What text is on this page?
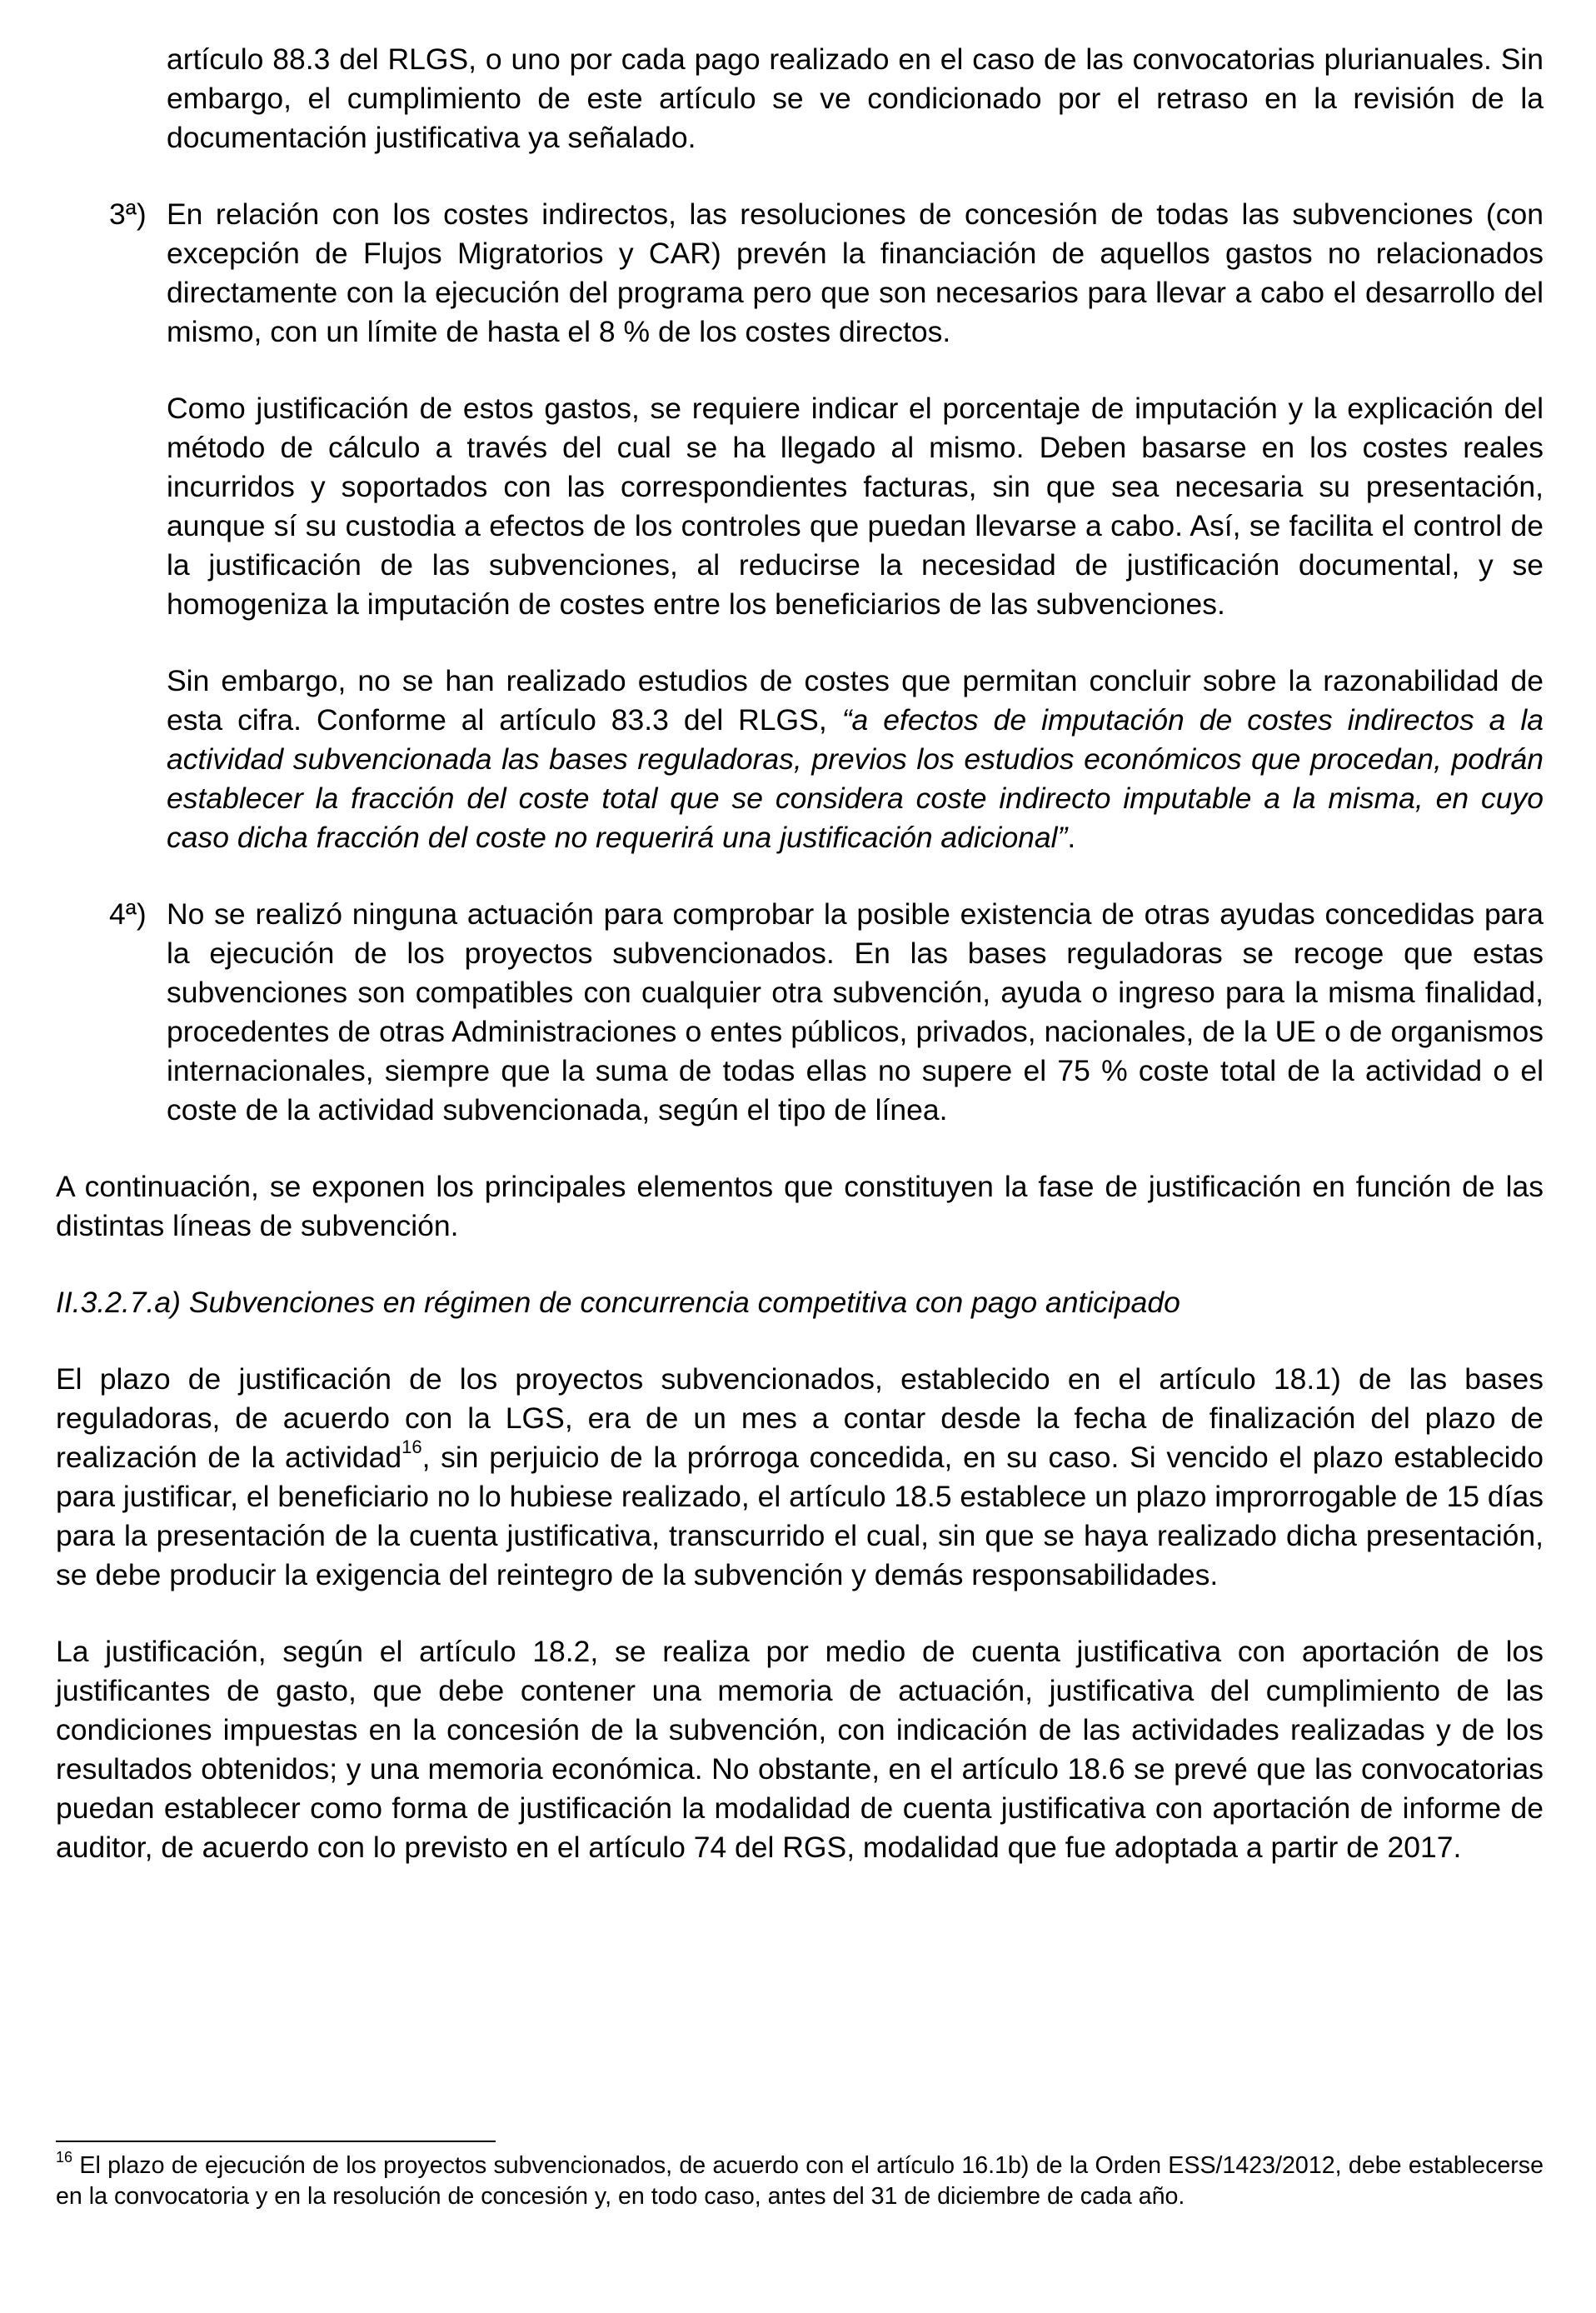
artículo 88.3 del RLGS, o uno por cada pago realizado en el caso de las convocatorias plurianuales. Sin embargo, el cumplimiento de este artículo se ve condicionado por el retraso en la revisión de la documentación justificativa ya señalado.

3ª) En relación con los costes indirectos, las resoluciones de concesión de todas las subvenciones (con excepción de Flujos Migratorios y CAR) prevén la financiación de aquellos gastos no relacionados directamente con la ejecución del programa pero que son necesarios para llevar a cabo el desarrollo del mismo, con un límite de hasta el 8 % de los costes directos.

Como justificación de estos gastos, se requiere indicar el porcentaje de imputación y la explicación del método de cálculo a través del cual se ha llegado al mismo. Deben basarse en los costes reales incurridos y soportados con las correspondientes facturas, sin que sea necesaria su presentación, aunque sí su custodia a efectos de los controles que puedan llevarse a cabo. Así, se facilita el control de la justificación de las subvenciones, al reducirse la necesidad de justificación documental, y se homogeniza la imputación de costes entre los beneficiarios de las subvenciones.

Sin embargo, no se han realizado estudios de costes que permitan concluir sobre la razonabilidad de esta cifra. Conforme al artículo 83.3 del RLGS, “a efectos de imputación de costes indirectos a la actividad subvencionada las bases reguladoras, previos los estudios económicos que procedan, podrán establecer la fracción del coste total que se considera coste indirecto imputable a la misma, en cuyo caso dicha fracción del coste no requerirá una justificación adicional”.

4ª) No se realizó ninguna actuación para comprobar la posible existencia de otras ayudas concedidas para la ejecución de los proyectos subvencionados. En las bases reguladoras se recoge que estas subvenciones son compatibles con cualquier otra subvención, ayuda o ingreso para la misma finalidad, procedentes de otras Administraciones o entes públicos, privados, nacionales, de la UE o de organismos internacionales, siempre que la suma de todas ellas no supere el 75 % coste total de la actividad o el coste de la actividad subvencionada, según el tipo de línea.

A continuación, se exponen los principales elementos que constituyen la fase de justificación en función de las distintas líneas de subvención.

II.3.2.7.a) Subvenciones en régimen de concurrencia competitiva con pago anticipado

El plazo de justificación de los proyectos subvencionados, establecido en el artículo 18.1) de las bases reguladoras, de acuerdo con la LGS, era de un mes a contar desde la fecha de finalización del plazo de realización de la actividad$^{16}$, sin perjuicio de la prórroga concedida, en su caso. Si vencido el plazo establecido para justificar, el beneficiario no lo hubiese realizado, el artículo 18.5 establece un plazo improrrogable de 15 días para la presentación de la cuenta justificativa, transcurrido el cual, sin que se haya realizado dicha presentación, se debe producir la exigencia del reintegro de la subvención y demás responsabilidades.

La justificación, según el artículo 18.2, se realiza por medio de cuenta justificativa con aportación de los justificantes de gasto, que debe contener una memoria de actuación, justificativa del cumplimiento de las condiciones impuestas en la concesión de la subvención, con indicación de las actividades realizadas y de los resultados obtenidos; y una memoria económica. No obstante, en el artículo 18.6 se prevé que las convocatorias puedan establecer como forma de justificación la modalidad de cuenta justificativa con aportación de informe de auditor, de acuerdo con lo previsto en el artículo 74 del RGS, modalidad que fue adoptada a partir de 2017.

$^{16}$ El plazo de ejecución de los proyectos subvencionados, de acuerdo con el artículo 16.1b) de la Orden ESS/1423/2012, debe establecerse en la convocatoria y en la resolución de concesión y, en todo caso, antes del 31 de diciembre de cada año.
